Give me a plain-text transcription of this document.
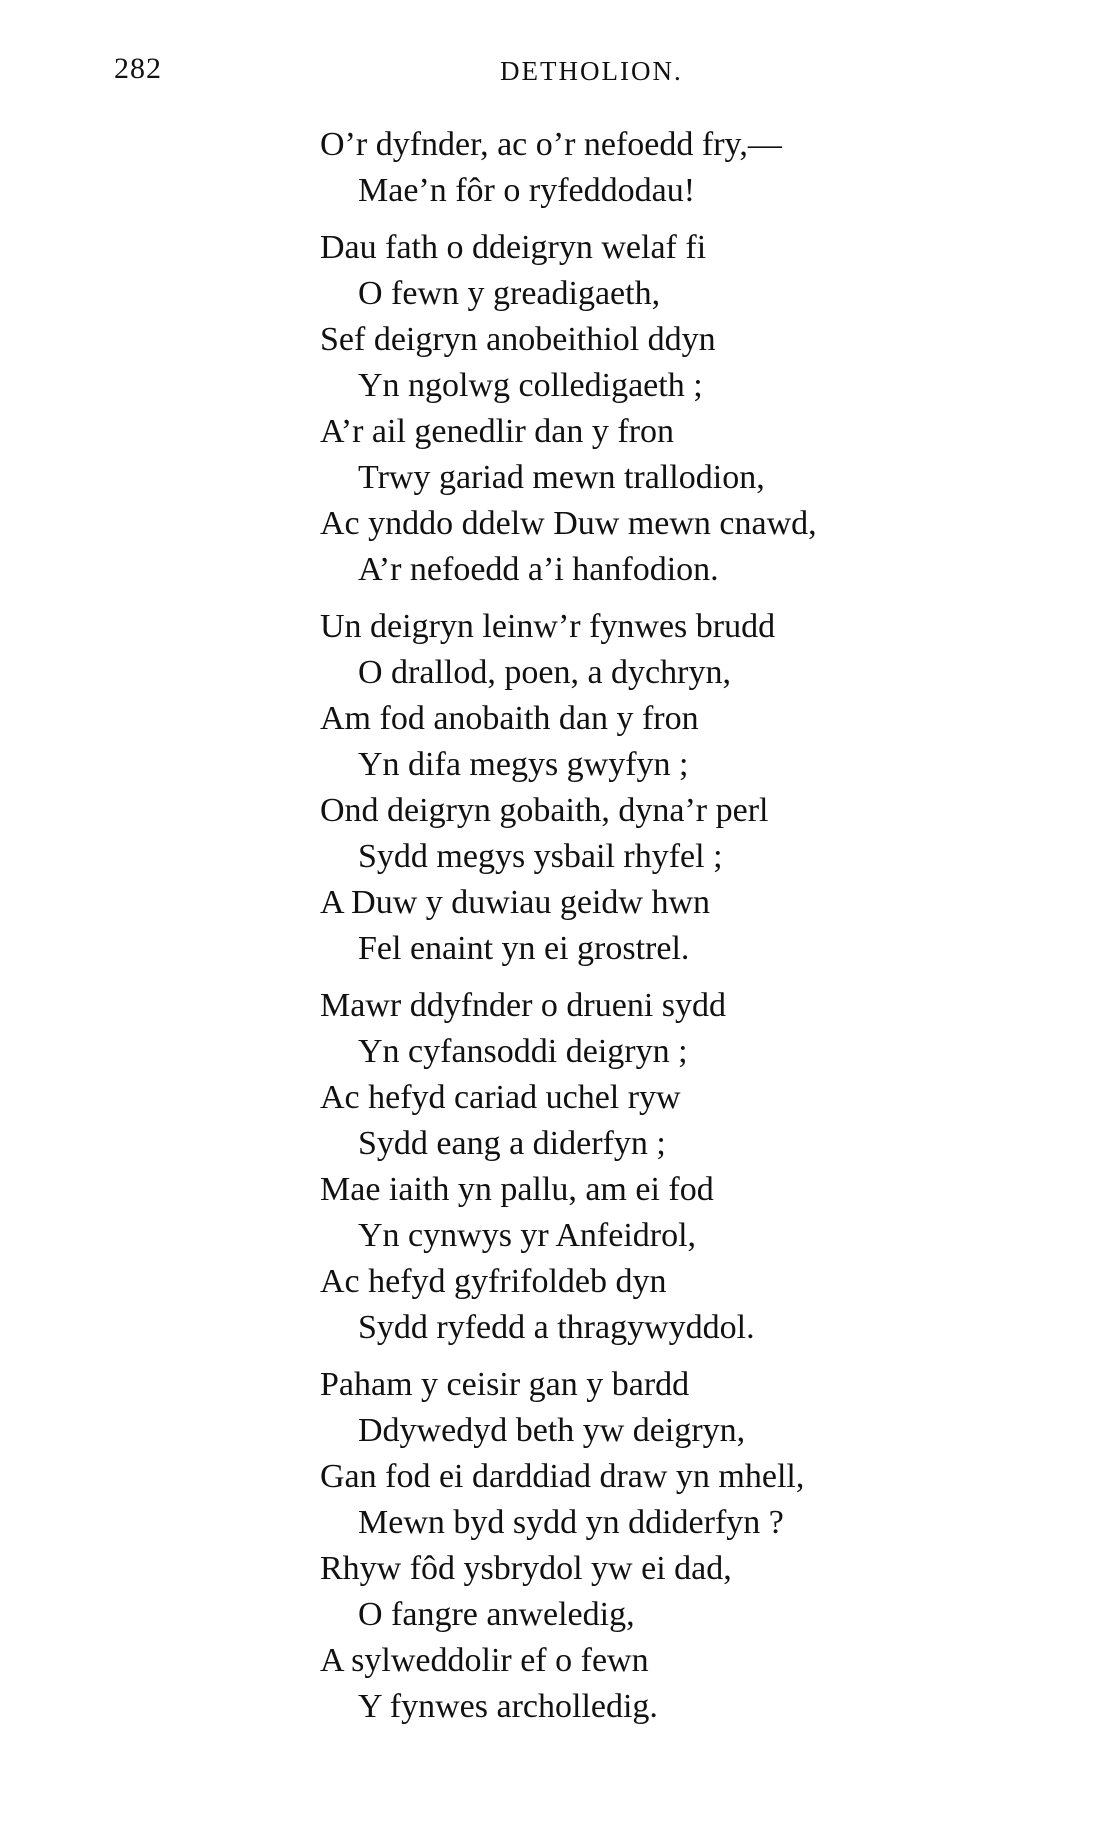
282	DETHOLION.
O’r dyfnder, ac o’r nefoedd fry,—
Mae’n fôr o ryfeddodau!
Dau fath o ddeigryn welaf fi
O fewn y greadigaeth,
Sef deigryn anobeithiol ddyn
Yn ngolwg colledigaeth ;
A’r ail genedlir dan y fron
Trwy gariad mewn trallodion,
Ac ynddo ddelw Duw mewn cnawd,
A’r nefoedd a’i hanfodion.
Un deigryn leinw’r fynwes brudd
O drallod, poen, a dychryn,
Am fod anobaith dan y fron
Yn difa megys gwyfyn ;
Ond deigryn gobaith, dyna’r perl
Sydd megys ysbail rhyfel ;
A Duw y duwiau geidw hwn
Fel enaint yn ei grostrel.
Mawr ddyfnder o drueni sydd
Yn cyfansoddi deigryn ;
Ac hefyd cariad uchel ryw
Sydd eang a diderfyn ;
Mae iaith yn pallu, am ei fod
Yn cynwys yr Anfeidrol,
Ac hefyd gyfrifoldeb dyn
Sydd ryfedd a thragywyddol.
Paham y ceisir gan y bardd
Ddywedyd beth yw deigryn,
Gan fod ei darddiad draw yn mhell,
Mewn byd sydd yn ddiderfyn ?
Rhyw fôd ysbrydol yw ei dad,
O fangre anweledig,
A sylweddolir ef o fewn
Y fynwes archolledig.
